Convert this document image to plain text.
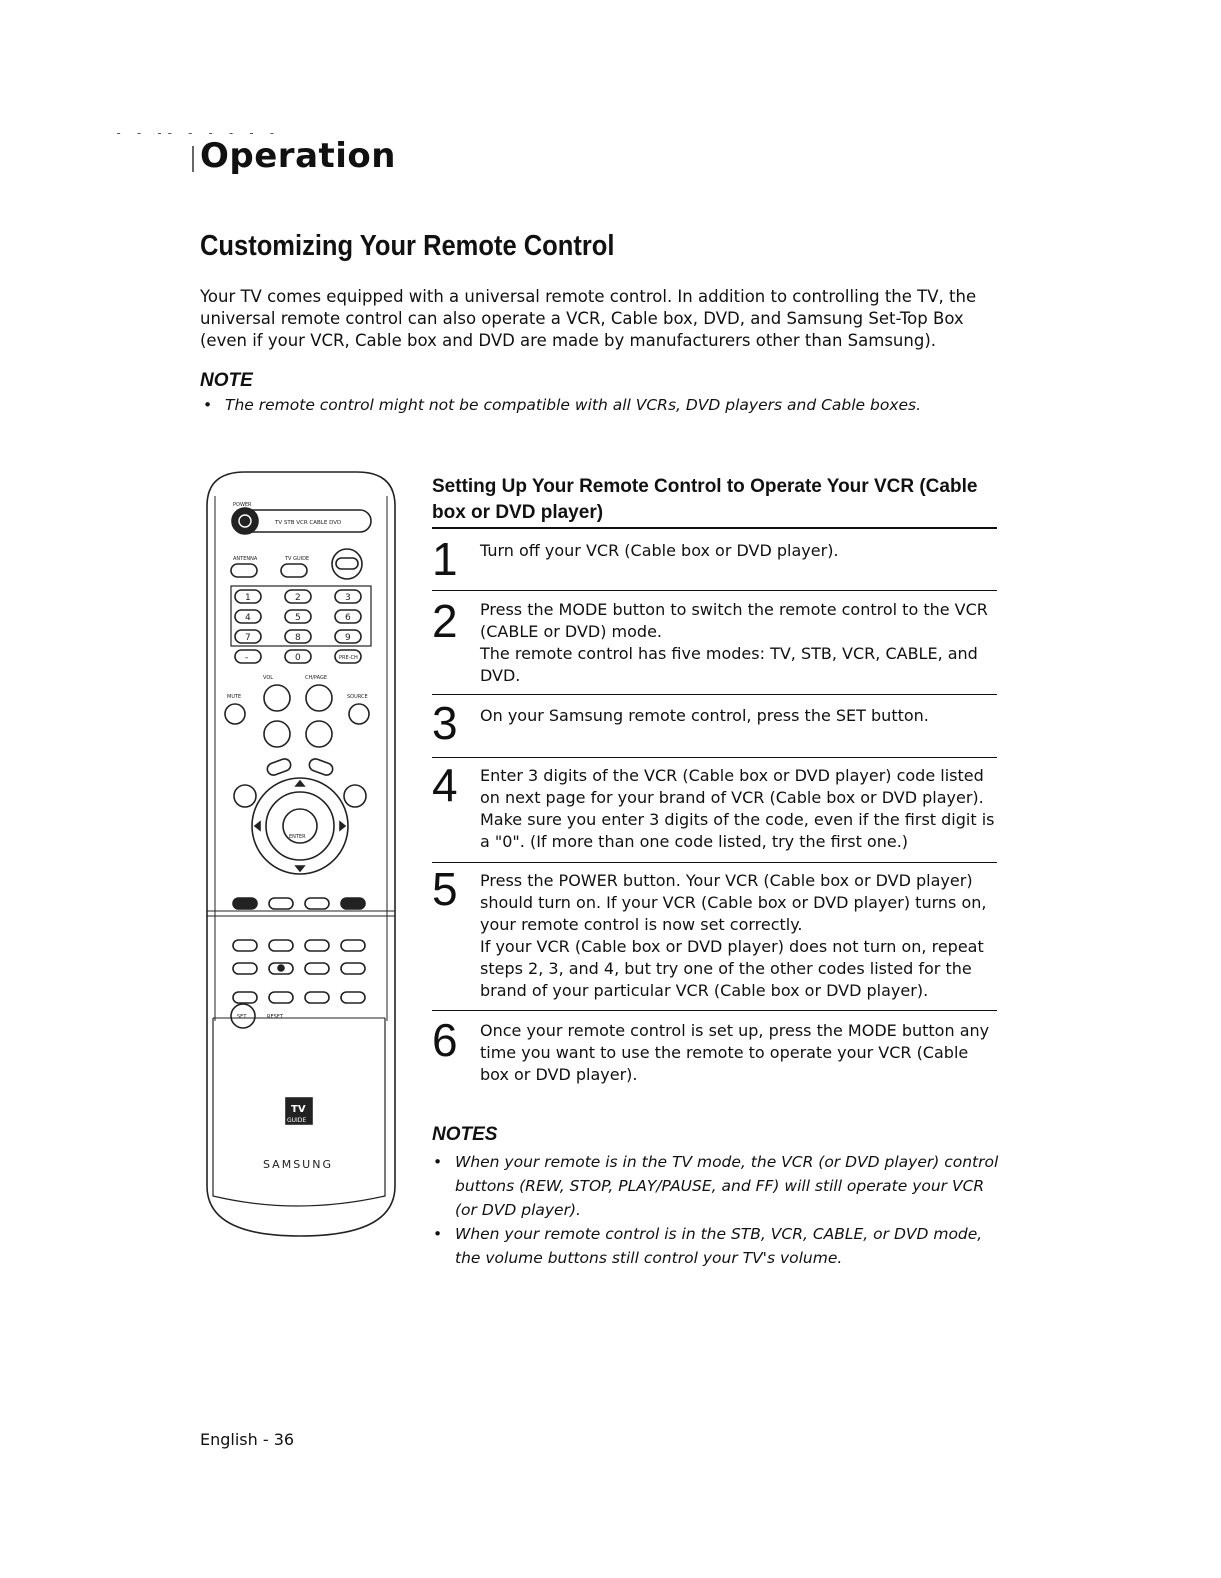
- - -- - - - - -
Operation
Customizing Your Remote Control
Your TV comes equipped with a universal remote control. In addition to controlling the TV, the universal remote control can also operate a VCR, Cable box, DVD, and Samsung Set-Top Box (even if your VCR, Cable box and DVD are made by manufacturers other than Samsung).
NOTE
• The remote control might not be compatible with all VCRs, DVD players and Cable boxes.
POWER
TV STB VCR CABLE DVD
ANTENNA	TV GUIDE
1	2	3
4	5	6
7	8	9
-	0	PRE-CH
VOL	CH/PAGE
MUTE	SOURCE
ENTER
SET	RESET
TV
GUIDE
SAMSUNG
Setting Up Your Remote Control to Operate Your VCR (Cable box or DVD player)
1 Turn off your VCR (Cable box or DVD player).
2 Press the MODE button to switch the remote control to the VCR (CABLE or DVD) mode.
The remote control has five modes: TV, STB, VCR, CABLE, and DVD.
3 On your Samsung remote control, press the SET button.
4 Enter 3 digits of the VCR (Cable box or DVD player) code listed on next page for your brand of VCR (Cable box or DVD player). Make sure you enter 3 digits of the code, even if the first digit is a "0". (If more than one code listed, try the first one.)
5 Press the POWER button. Your VCR (Cable box or DVD player) should turn on. If your VCR (Cable box or DVD player) turns on, your remote control is now set correctly.
If your VCR (Cable box or DVD player) does not turn on, repeat steps 2, 3, and 4, but try one of the other codes listed for the brand of your particular VCR (Cable box or DVD player).
6 Once your remote control is set up, press the MODE button any time you want to use the remote to operate your VCR (Cable box or DVD player).
NOTES
• When your remote is in the TV mode, the VCR (or DVD player) control buttons (REW, STOP, PLAY/PAUSE, and FF) will still operate your VCR (or DVD player).
• When your remote control is in the STB, VCR, CABLE, or DVD mode, the volume buttons still control your TV's volume.
English - 36
